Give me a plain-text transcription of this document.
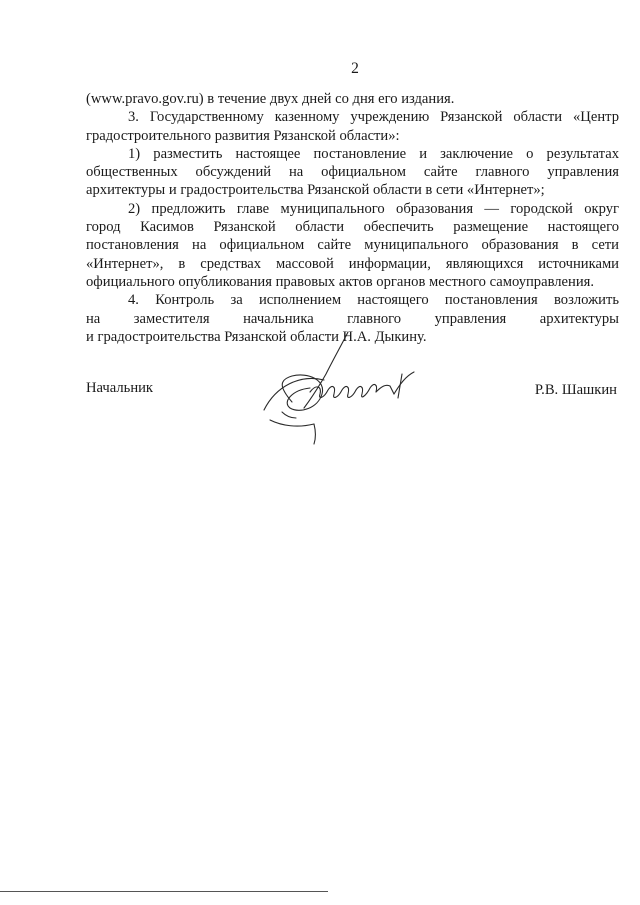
2
(www.pravo.gov.ru) в течение двух дней со дня его издания.
3. Государственному казенному учреждению Рязанской области «Центр
градостроительного развития Рязанской области»:
1) разместить настоящее постановление и заключение о результатах
общественных обсуждений на официальном сайте главного управления
архитектуры и градостроительства Рязанской области в сети «Интернет»;
2) предложить главе муниципального образования — городской округ
город Касимов Рязанской области обеспечить размещение настоящего
постановления на официальном сайте муниципального образования в сети
«Интернет», в средствах массовой информации, являющихся источниками
официального опубликования правовых актов органов местного самоуправления.
4. Контроль за исполнением настоящего постановления возложить
на заместителя начальника главного управления архитектуры
и градостроительства Рязанской области Н.А. Дыкину.
Начальник	Р.В. Шашкин
